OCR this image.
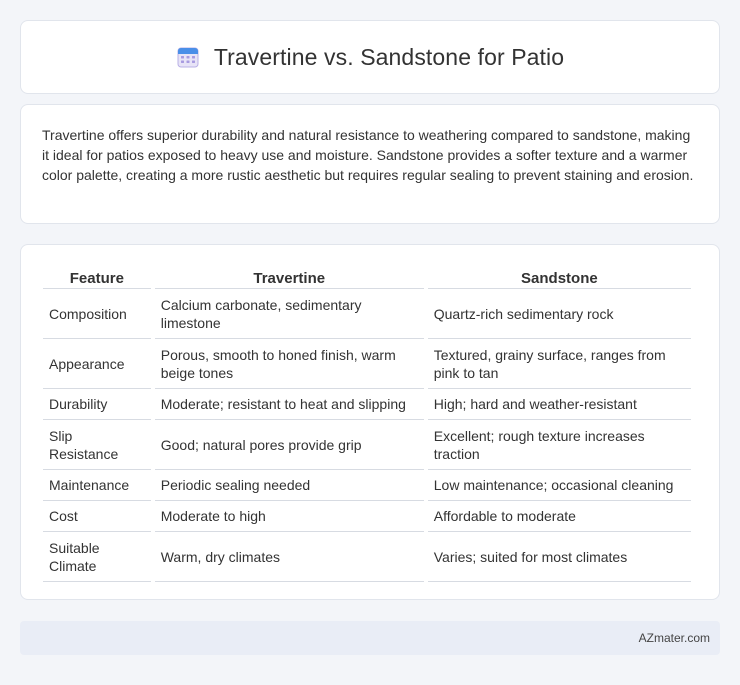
Travertine vs. Sandstone for Patio

Travertine offers superior durability and natural resistance to weathering compared to sandstone, making it ideal for patios exposed to heavy use and moisture. Sandstone provides a softer texture and a warmer color palette, creating a more rustic aesthetic but requires regular sealing to prevent staining and erosion.

Feature	Travertine	Sandstone
Composition	Calcium carbonate, sedimentary limestone	Quartz-rich sedimentary rock
Appearance	Porous, smooth to honed finish, warm beige tones	Textured, grainy surface, ranges from pink to tan
Durability	Moderate; resistant to heat and slipping	High; hard and weather-resistant
Slip Resistance	Good; natural pores provide grip	Excellent; rough texture increases traction
Maintenance	Periodic sealing needed	Low maintenance; occasional cleaning
Cost	Moderate to high	Affordable to moderate
Suitable Climate	Warm, dry climates	Varies; suited for most climates
AZmater.com
